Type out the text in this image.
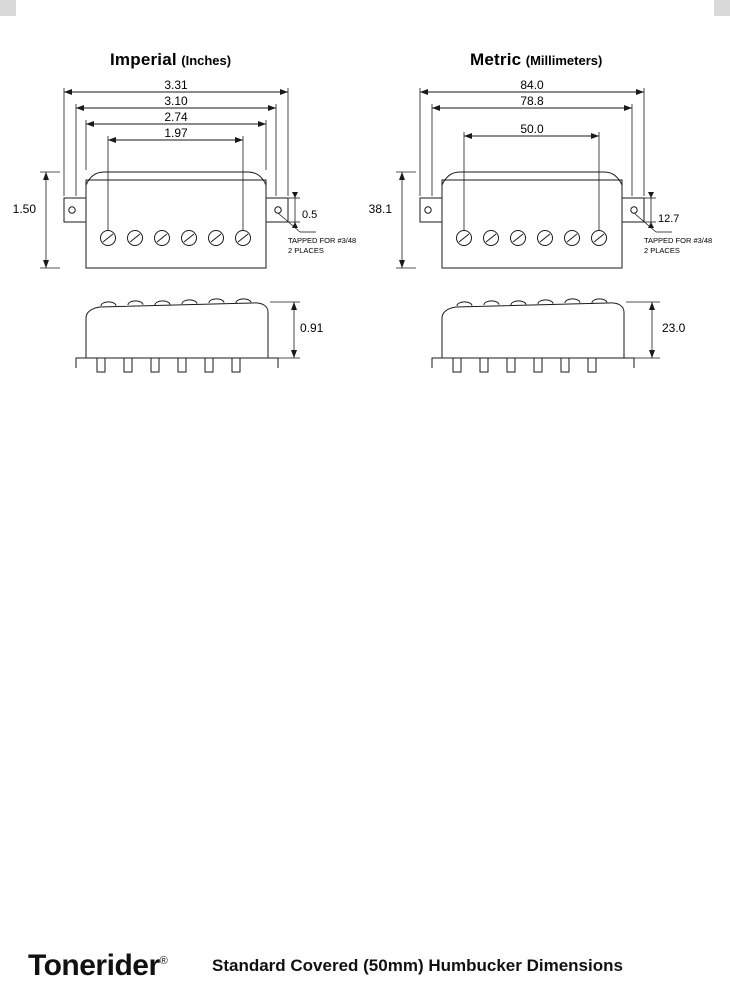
Imperial (Inches)	Metric (Millimeters)
3.31
3.10
2.74
1.97
1.50	0.5
0.91
TAPPED FOR #3/48
2 PLACES
84.0
78.8
50.0
38.1
12.7
23.0
TAPPED FOR #3/48
2 PLACES
Tonerider®	Standard Covered (50mm) Humbucker Dimensions
